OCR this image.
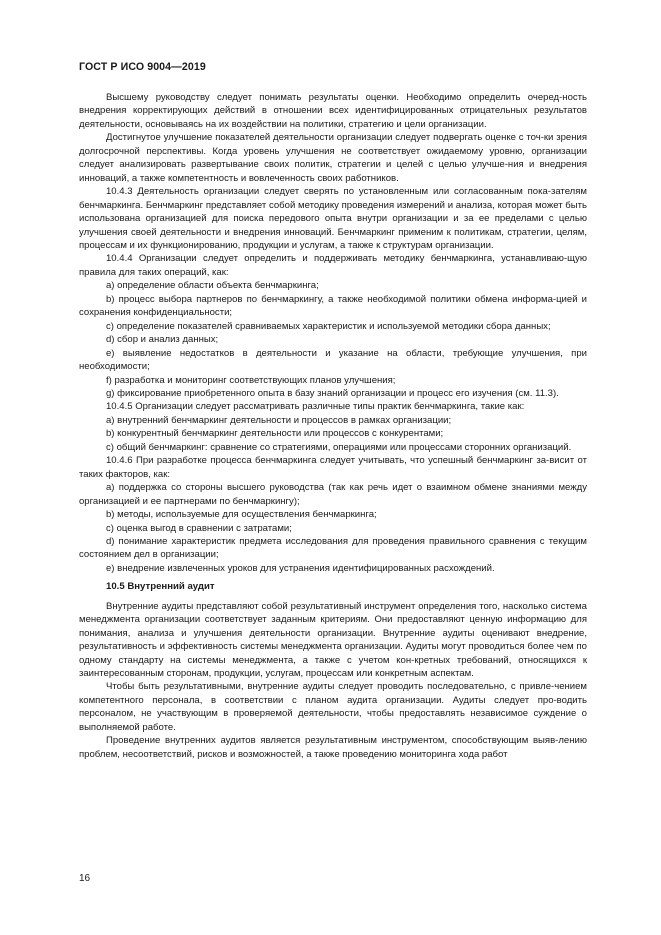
ГОСТ Р ИСО 9004—2019

Высшему руководству следует понимать результаты оценки. Необходимо определить очеред-ность внедрения корректирующих действий в отношении всех идентифицированных отрицательных результатов деятельности, основываясь на их воздействии на политики, стратегию и цели организации.

Достигнутое улучшение показателей деятельности организации следует подвергать оценке с точ-ки зрения долгосрочной перспективы. Когда уровень улучшения не соответствует ожидаемому уровню, организации следует анализировать развертывание своих политик, стратегии и целей с целью улучше-ния и внедрения инноваций, а также компетентность и вовлеченность своих работников.

10.4.3 Деятельность организации следует сверять по установленным или согласованным пока-зателям бенчмаркинга. Бенчмаркинг представляет собой методику проведения измерений и анализа, которая может быть использована организацией для поиска передового опыта внутри организации и за ее пределами с целью улучшения своей деятельности и внедрения инноваций. Бенчмаркинг применим к политикам, стратегии, целям, процессам и их функционированию, продукции и услугам, а также к структурам организации.

10.4.4 Организации следует определить и поддерживать методику бенчмаркинга, устанавливаю-щую правила для таких операций, как:

a) определение области объекта бенчмаркинга;

b) процесс выбора партнеров по бенчмаркингу, а также необходимой политики обмена информа-цией и сохранения конфиденциальности;

c) определение показателей сравниваемых характеристик и используемой методики сбора данных;

d) сбор и анализ данных;

e) выявление недостатков в деятельности и указание на области, требующие улучшения, при необходимости;

f) разработка и мониторинг соответствующих планов улучшения;

g) фиксирование приобретенного опыта в базу знаний организации и процесс его изучения (см. 11.3).

10.4.5 Организации следует рассматривать различные типы практик бенчмаркинга, такие как:

a) внутренний бенчмаркинг деятельности и процессов в рамках организации;

b) конкурентный бенчмаркинг деятельности или процессов с конкурентами;

c) общий бенчмаркинг: сравнение со стратегиями, операциями или процессами сторонних организаций.

10.4.6 При разработке процесса бенчмаркинга следует учитывать, что успешный бенчмаркинг за-висит от таких факторов, как:

a) поддержка со стороны высшего руководства (так как речь идет о взаимном обмене знаниями между организацией и ее партнерами по бенчмаркингу);

b) методы, используемые для осуществления бенчмаркинга;

c) оценка выгод в сравнении с затратами;

d) понимание характеристик предмета исследования для проведения правильного сравнения с текущим состоянием дел в организации;

e) внедрение извлеченных уроков для устранения идентифицированных расхождений.

10.5 Внутренний аудит

Внутренние аудиты представляют собой результативный инструмент определения того, насколько система менеджмента организации соответствует заданным критериям. Они предоставляют ценную информацию для понимания, анализа и улучшения деятельности организации. Внутренние аудиты оценивают внедрение, результативность и эффективность системы менеджмента организации. Аудиты могут проводиться более чем по одному стандарту на системы менеджмента, а также с учетом кон-кретных требований, относящихся к заинтересованным сторонам, продукции, услугам, процессам или конкретным аспектам.

Чтобы быть результативными, внутренние аудиты следует проводить последовательно, с привле-чением компетентного персонала, в соответствии с планом аудита организации. Аудиты следует про-водить персоналом, не участвующим в проверяемой деятельности, чтобы предоставлять независимое суждение о выполняемой работе.

Проведение внутренних аудитов является результативным инструментом, способствующим выяв-лению проблем, несоответствий, рисков и возможностей, а также проведению мониторинга хода работ

16
